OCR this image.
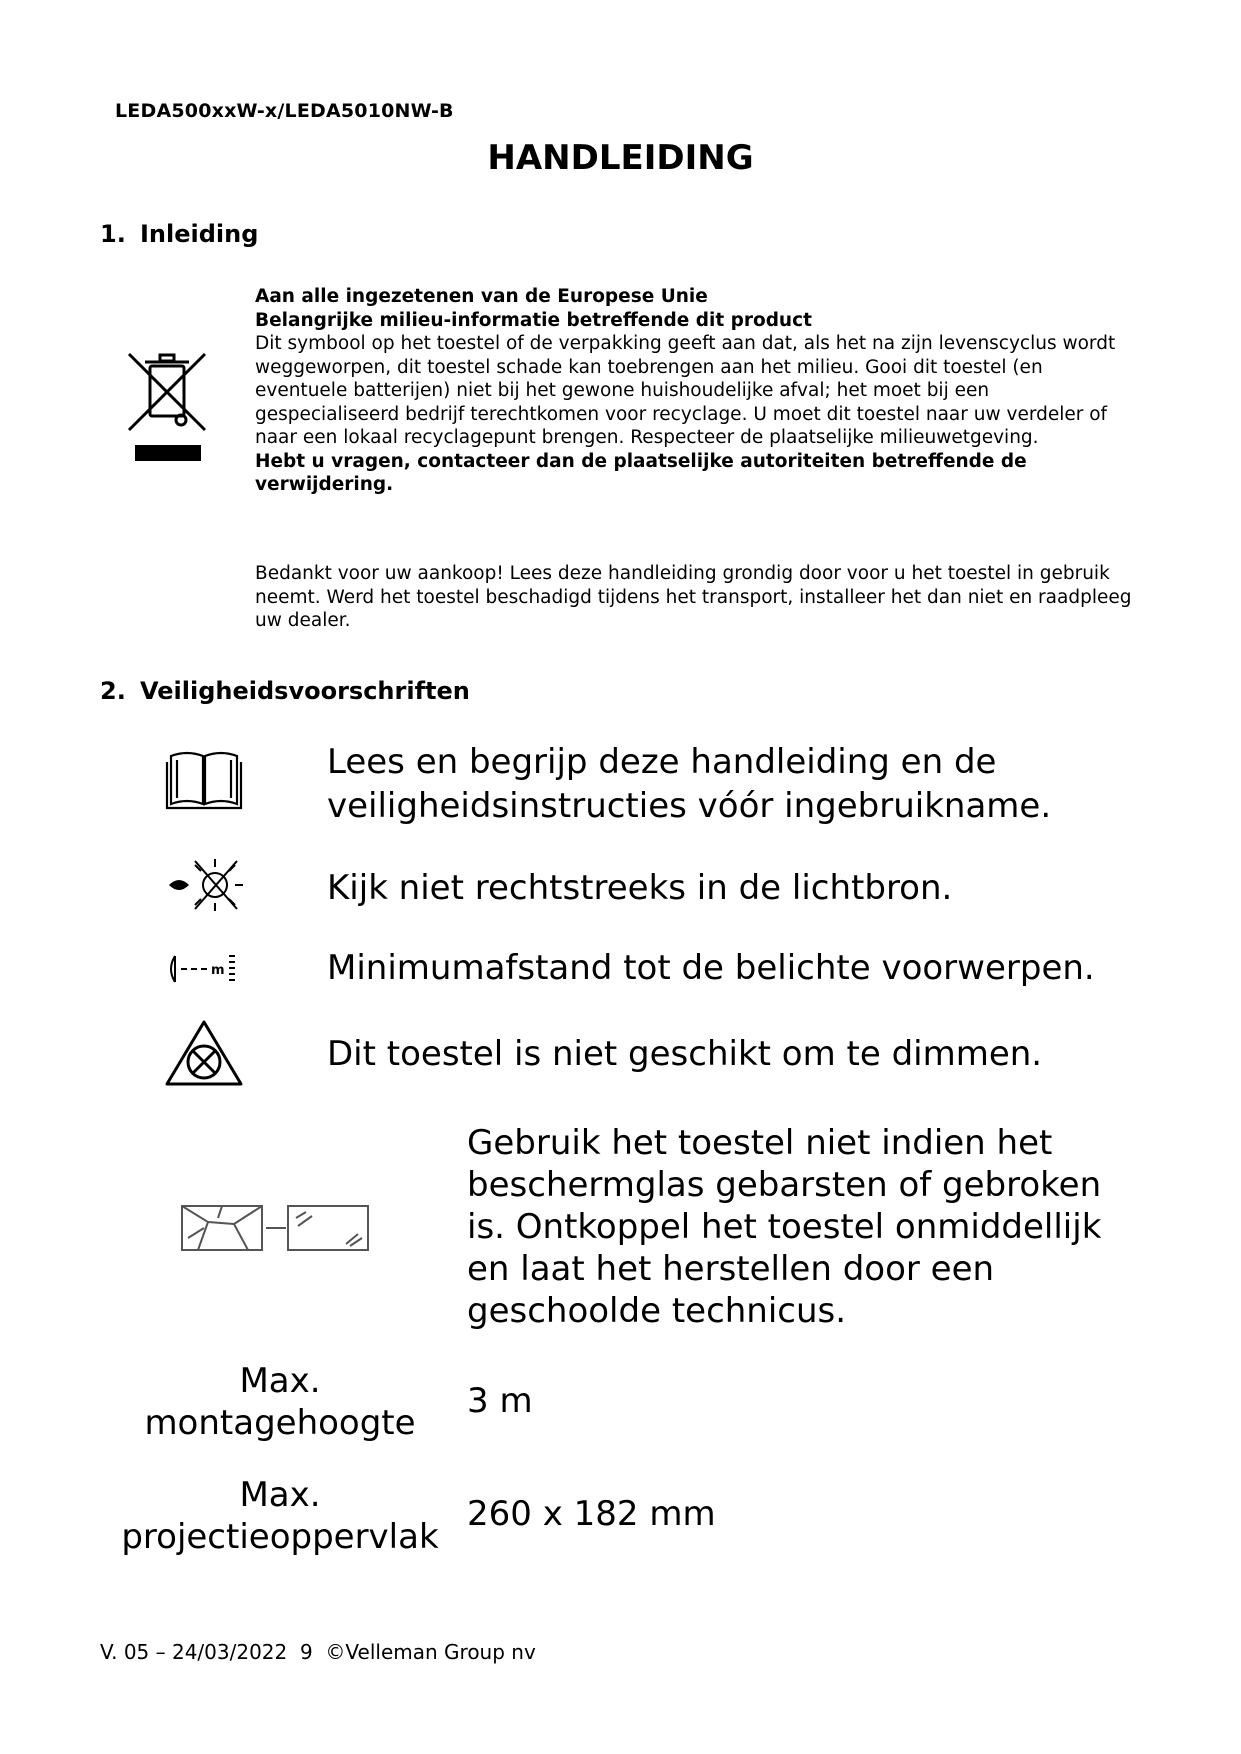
LEDA500xxW-x/LEDA5010NW-B
HANDLEIDING
1. Inleiding

Aan alle ingezetenen van de Europese Unie

Belangrijke milieu-informatie betreffende dit product

Dit symbool op het toestel of de verpakking geeft aan dat, als het na zijn levenscyclus wordt weggeworpen, dit toestel schade kan toebrengen aan het milieu. Gooi dit toestel (en eventuele batterijen) niet bij het gewone huishoudelijke afval; het moet bij een gespecialiseerd bedrijf terechtkomen voor recyclage. U moet dit toestel naar uw verdeler of naar een lokaal recyclagepunt brengen. Respecteer de plaatselijke milieuwetgeving.

Hebt u vragen, contacteer dan de plaatselijke autoriteiten betreffende de verwijdering.

Bedankt voor uw aankoop! Lees deze handleiding grondig door voor u het toestel in gebruik neemt. Werd het toestel beschadigd tijdens het transport, installeer het dan niet en raadpleeg uw dealer.

2. Veiligheidsvoorschriften
Lees en begrijp deze handleiding en de veiligheidsinstructies vóór ingebruikname.
Kijk niet rechtstreeks in de lichtbron.
m	Minimumafstand tot de belichte voorwerpen.
Dit toestel is niet geschikt om te dimmen.
Gebruik het toestel niet indien het beschermglas gebarsten of gebroken is. Ontkoppel het toestel onmiddellijk en laat het herstellen door een geschoolde technicus.
Max. montagehoogte
3 m
Max. projectieoppervlak
260 x 182 mm
V. 05 – 24/03/2022  9  ©Velleman Group nv
